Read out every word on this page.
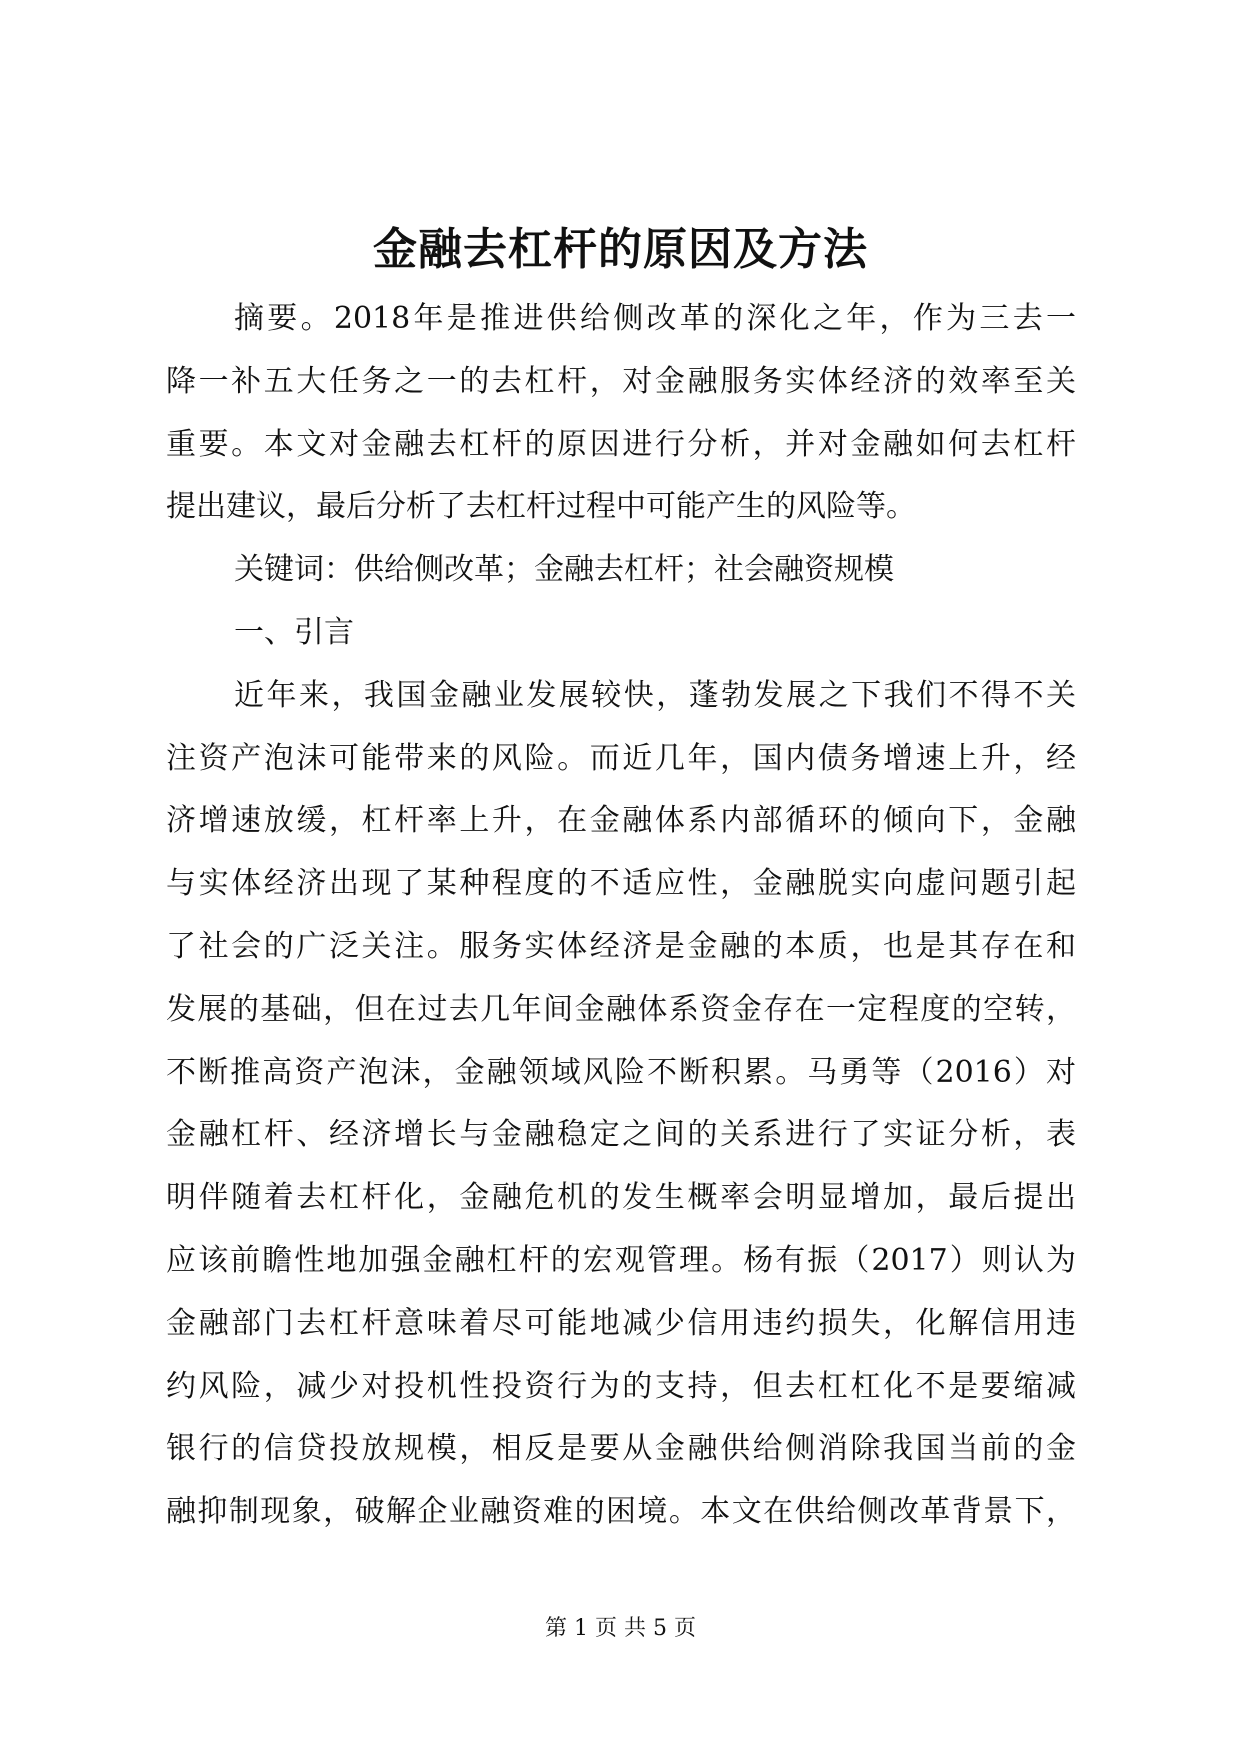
金融去杠杆的原因及方法
摘要。2018年是推进供给侧改革的深化之年，作为三去一
降一补五大任务之一的去杠杆，对金融服务实体经济的效率至关
重要。本文对金融去杠杆的原因进行分析，并对金融如何去杠杆
提出建议，最后分析了去杠杆过程中可能产生的风险等。
关键词：供给侧改革；金融去杠杆；社会融资规模
一、引言
近年来，我国金融业发展较快，蓬勃发展之下我们不得不关
注资产泡沫可能带来的风险。而近几年，国内债务增速上升，经
济增速放缓，杠杆率上升，在金融体系内部循环的倾向下，金融
与实体经济出现了某种程度的不适应性，金融脱实向虚问题引起
了社会的广泛关注。服务实体经济是金融的本质，也是其存在和
发展的基础，但在过去几年间金融体系资金存在一定程度的空转，
不断推高资产泡沫，金融领域风险不断积累。马勇等（2016）对
金融杠杆、经济增长与金融稳定之间的关系进行了实证分析，表
明伴随着去杠杆化，金融危机的发生概率会明显增加，最后提出
应该前瞻性地加强金融杠杆的宏观管理。杨有振（2017）则认为
金融部门去杠杆意味着尽可能地减少信用违约损失，化解信用违
约风险，减少对投机性投资行为的支持，但去杠杠化不是要缩减
银行的信贷投放规模，相反是要从金融供给侧消除我国当前的金
融抑制现象，破解企业融资难的困境。本文在供给侧改革背景下，
第 1 页 共 5 页
